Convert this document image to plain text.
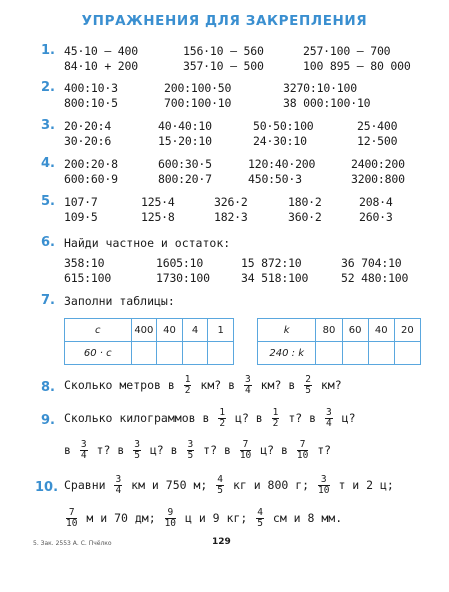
УПРАЖНЕНИЯ ДЛЯ ЗАКРЕПЛЕНИЯ
1. 45·10 – 400	156·10 – 560	257·100 – 700
84·10 + 200	357·10 – 500	100 895 – 80 000
2. 400:10·3	200:100·50	3270:10·100
800:10·5	700:100·10	38 000:100·10
3. 20·20:4	40·40:10	50·50:100	25·400
30·20:6	15·20:10	24·30:10	12·500
4. 200:20·8	600:30·5	120:40·200	2400:200
600:60·9	800:20·7	450:50·3	3200:800
5. 107·7	125·4	326·2	180·2	208·4
109·5	125·8	182·3	360·2	260·3
6. Найди частное и остаток:
358:10	1605:10	15 872:10	36 704:10
615:100	1730:100	34 518:100	52 480:100
7. Заполни таблицы:
c	400	40	4	1
60 · c				
k	80	60	40	20
240 : k				
8. Сколько метров в $\frac{1}{2}$ км? в $\frac{3}{4}$ км? в $\frac{2}{5}$ км?
9. Сколько килограммов в $\frac{1}{2} ц$? в $\frac{1}{2} т$? в $\frac{3}{4} ц$?
в $\frac{3}{4} т$? в $\frac{3}{5} ц$? в $\frac{3}{5} т$? в $\frac{7}{10} ц$? в $\frac{7}{10} т$?
10. Сравни $\frac{3}{4}$ км и 750 м; $\frac{4}{5}$ кг и 800 г; $\frac{3}{10}$ т и 2 ц;
$\frac{7}{10}$ м и 70 дм; $\frac{9}{10}$ ц и 9 кг; $\frac{4}{5}$ см и 8 мм.
5. Зак. 2553 А. С. Пчёлко	129
